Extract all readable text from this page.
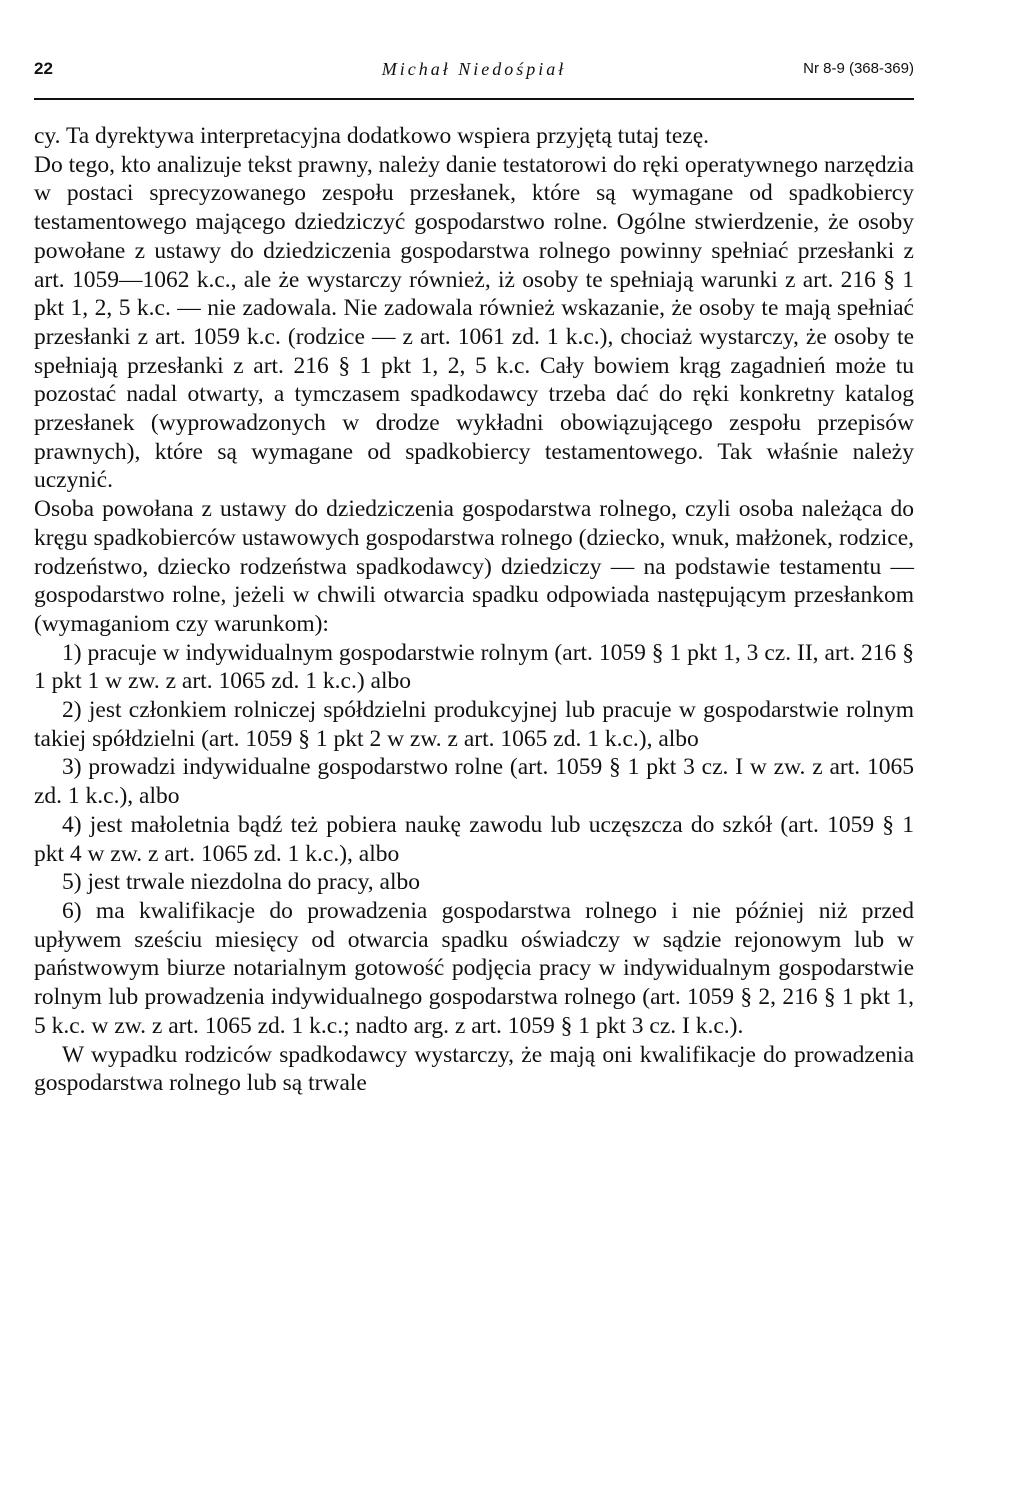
22	Michał Niedośpiał	Nr 8-9 (368-369)

cy. Ta dyrektywa interpretacyjna dodatkowo wspiera przyjętą tutaj tezę.

Do tego, kto analizuje tekst prawny, należy danie testatorowi do ręki operatywnego narzędzia w postaci sprecyzowanego zespołu przesłanek, które są wymagane od spadkobiercy testamentowego mającego dziedziczyć gospodarstwo rolne. Ogólne stwierdzenie, że osoby powołane z ustawy do dziedziczenia gospodarstwa rolnego powinny spełniać przesłanki z art. 1059—1062 k.c., ale że wystarczy również, iż osoby te spełniają warunki z art. 216 § 1 pkt 1, 2, 5 k.c. — nie zadowala. Nie zadowala również wskazanie, że osoby te mają spełniać przesłanki z art. 1059 k.c. (rodzice — z art. 1061 zd. 1 k.c.), chociaż wystarczy, że osoby te spełniają przesłanki z art. 216 § 1 pkt 1, 2, 5 k.c. Cały bowiem krąg zagadnień może tu pozostać nadal otwarty, a tymczasem spadkodawcy trzeba dać do ręki konkretny katalog przesłanek (wyprowadzonych w drodze wykładni obowiązującego zespołu przepisów prawnych), które są wymagane od spadkobiercy testamentowego. Tak właśnie należy uczynić.

Osoba powołana z ustawy do dziedziczenia gospodarstwa rolnego, czyli osoba należąca do kręgu spadkobierców ustawowych gospodarstwa rolnego (dziecko, wnuk, małżonek, rodzice, rodzeństwo, dziecko rodzeństwa spadkodawcy) dziedziczy — na podstawie testamentu — gospodarstwo rolne, jeżeli w chwili otwarcia spadku odpowiada następującym przesłankom (wymaganiom czy warunkom):

1) pracuje w indywidualnym gospodarstwie rolnym (art. 1059 § 1 pkt 1, 3 cz. II, art. 216 § 1 pkt 1 w zw. z art. 1065 zd. 1 k.c.) albo

2) jest członkiem rolniczej spółdzielni produkcyjnej lub pracuje w gospodarstwie rolnym takiej spółdzielni (art. 1059 § 1 pkt 2 w zw. z art. 1065 zd. 1 k.c.), albo

3) prowadzi indywidualne gospodarstwo rolne (art. 1059 § 1 pkt 3 cz. I w zw. z art. 1065 zd. 1 k.c.), albo

4) jest małoletnia bądź też pobiera naukę zawodu lub uczęszcza do szkół (art. 1059 § 1 pkt 4 w zw. z art. 1065 zd. 1 k.c.), albo

5) jest trwale niezdolna do pracy, albo

6) ma kwalifikacje do prowadzenia gospodarstwa rolnego i nie później niż przed upływem sześciu miesięcy od otwarcia spadku oświadczy w sądzie rejonowym lub w państwowym biurze notarialnym gotowość podjęcia pracy w indywidualnym gospodarstwie rolnym lub prowadzenia indywidualnego gospodarstwa rolnego (art. 1059 § 2, 216 § 1 pkt 1, 5 k.c. w zw. z art. 1065 zd. 1 k.c.; nadto arg. z art. 1059 § 1 pkt 3 cz. I k.c.).

W wypadku rodziców spadkodawcy wystarczy, że mają oni kwalifikacje do prowadzenia gospodarstwa rolnego lub są trwale
